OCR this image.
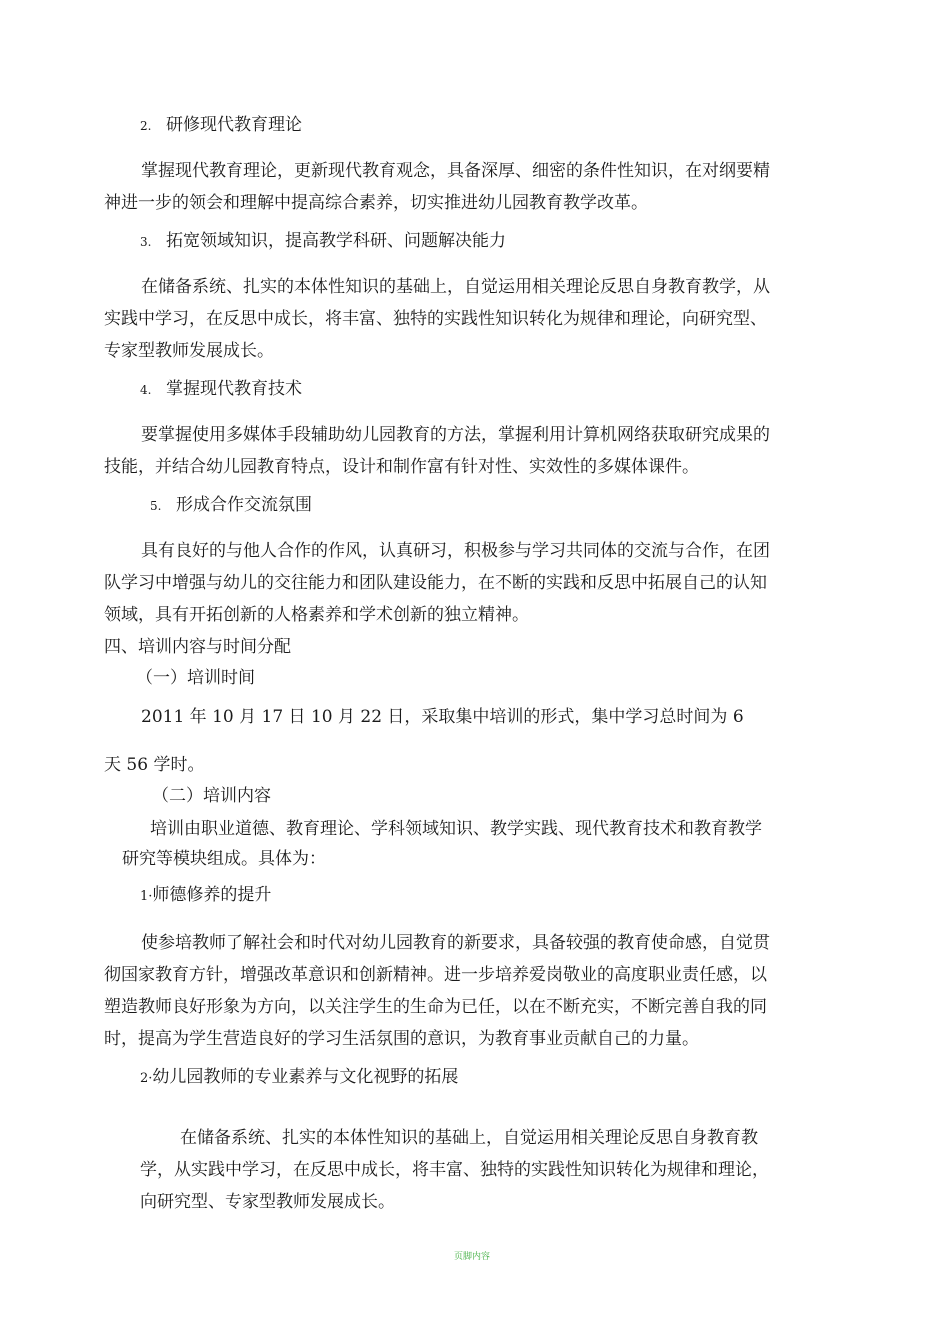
2. 研修现代教育理论
掌握现代教育理论，更新现代教育观念，具备深厚、细密的条件性知识，在对纲要精
神进一步的领会和理解中提高综合素养，切实推进幼儿园教育教学改革。
3. 拓宽领域知识，提高教学科研、问题解决能力
在储备系统、扎实的本体性知识的基础上，自觉运用相关理论反思自身教育教学，从
实践中学习，在反思中成长，将丰富、独特的实践性知识转化为规律和理论，向研究型、
专家型教师发展成长。
4. 掌握现代教育技术
要掌握使用多媒体手段辅助幼儿园教育的方法，掌握利用计算机网络获取研究成果的
技能，并结合幼儿园教育特点，设计和制作富有针对性、实效性的多媒体课件。
5. 形成合作交流氛围
具有良好的与他人合作的作风，认真研习，积极参与学习共同体的交流与合作，在团
队学习中增强与幼儿的交往能力和团队建设能力，在不断的实践和反思中拓展自己的认知
领域，具有开拓创新的人格素养和学术创新的独立精神。
四、培训内容与时间分配
（一）培训时间
2011 年 10 月 17 日 10 月 22 日，采取集中培训的形式，集中学习总时间为 6
天 56 学时。
（二）培训内容
培训由职业道德、教育理论、学科领域知识、教学实践、现代教育技术和教育教学
研究等模块组成。具体为：
1·师德修养的提升
使参培教师了解社会和时代对幼儿园教育的新要求，具备较强的教育使命感，自觉贯
彻国家教育方针，增强改革意识和创新精神。进一步培养爱岗敬业的高度职业责任感，以
塑造教师良好形象为方向，以关注学生的生命为已任，以在不断充实，不断完善自我的同
时，提高为学生营造良好的学习生活氛围的意识，为教育事业贡献自己的力量。
2·幼儿园教师的专业素养与文化视野的拓展
在储备系统、扎实的本体性知识的基础上，自觉运用相关理论反思自身教育教
学，从实践中学习，在反思中成长，将丰富、独特的实践性知识转化为规律和理论，
向研究型、专家型教师发展成长。
页脚内容
